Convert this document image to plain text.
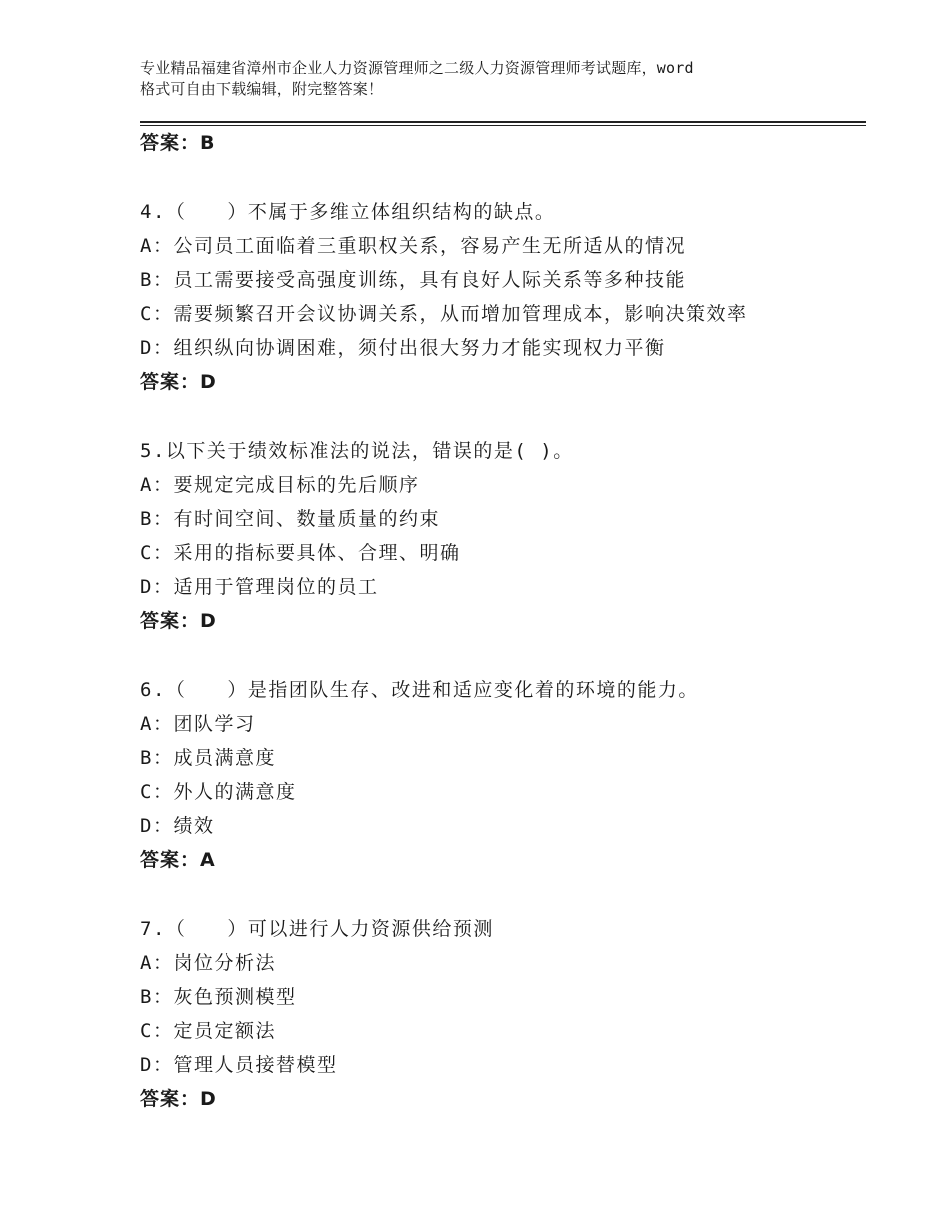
专业精品福建省漳州市企业人力资源管理师之二级人力资源管理师考试题库，word
格式可自由下载编辑，附完整答案！
答案：B
4.（　　）不属于多维立体组织结构的缺点。
A：公司员工面临着三重职权关系，容易产生无所适从的情况
B：员工需要接受高强度训练，具有良好人际关系等多种技能
C：需要频繁召开会议协调关系，从而增加管理成本，影响决策效率
D：组织纵向协调困难，须付出很大努力才能实现权力平衡
答案：D
5.以下关于绩效标准法的说法，错误的是( )。
A：要规定完成目标的先后顺序
B：有时间空间、数量质量的约束
C：采用的指标要具体、合理、明确
D：适用于管理岗位的员工
答案：D
6.（　　）是指团队生存、改进和适应变化着的环境的能力。
A：团队学习
B：成员满意度
C：外人的满意度
D：绩效
答案：A
7.（　　）可以进行人力资源供给预测
A：岗位分析法
B：灰色预测模型
C：定员定额法
D：管理人员接替模型
答案：D
